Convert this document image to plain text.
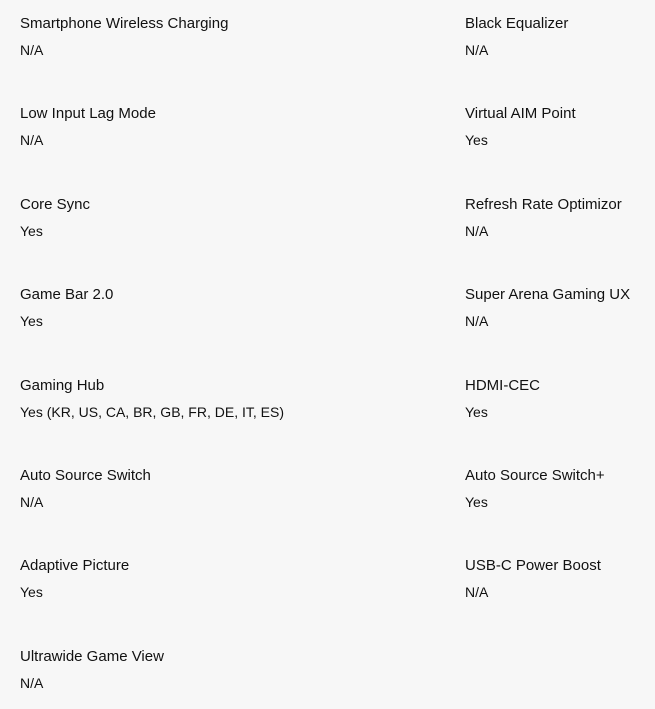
Smartphone Wireless Charging
N/A
Black Equalizer
N/A
Low Input Lag Mode
N/A
Virtual AIM Point
Yes
Core Sync
Yes
Refresh Rate Optimizor
N/A
Game Bar 2.0
Yes
Super Arena Gaming UX
N/A
Gaming Hub
Yes (KR, US, CA, BR, GB, FR, DE, IT, ES)
HDMI-CEC
Yes
Auto Source Switch
N/A
Auto Source Switch+
Yes
Adaptive Picture
Yes
USB-C Power Boost
N/A
Ultrawide Game View
N/A
